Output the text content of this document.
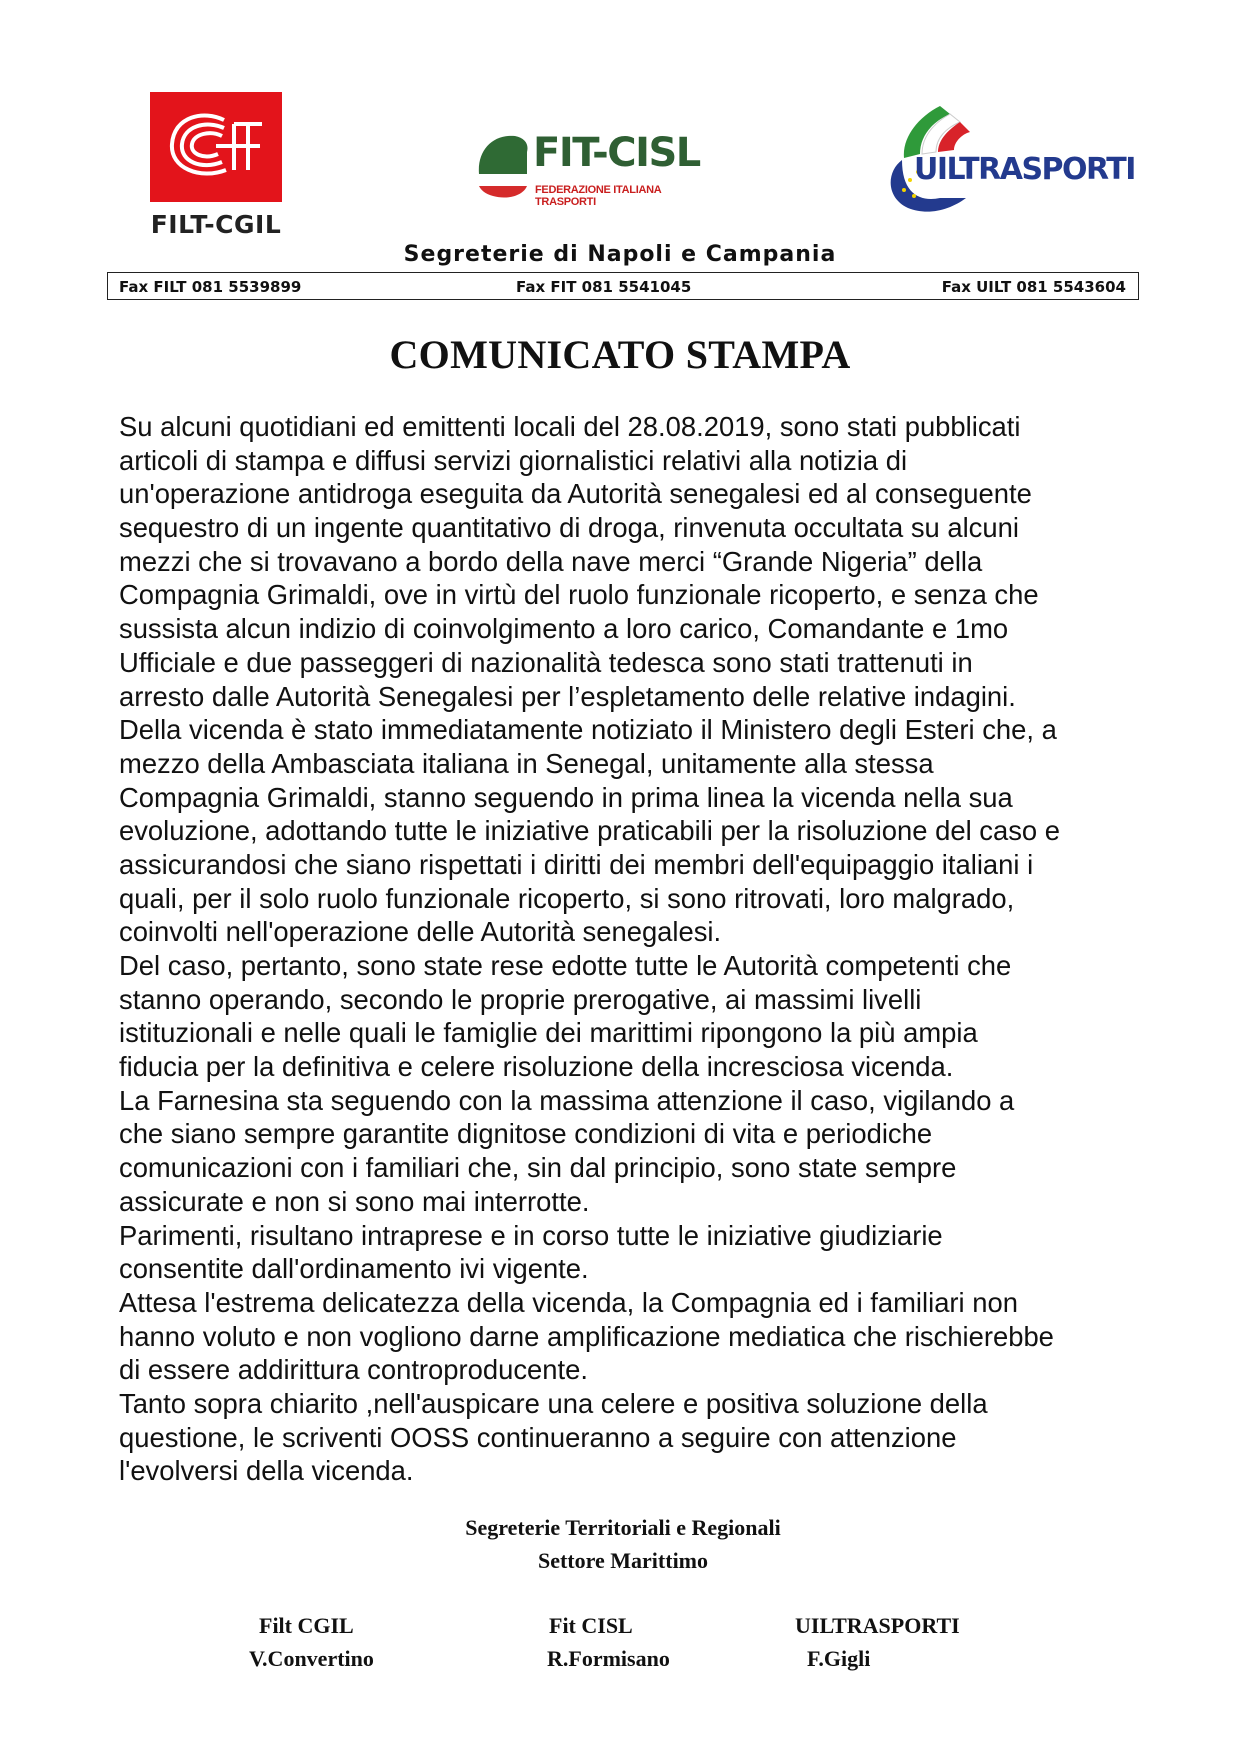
FILT-CGIL
FIT-CISL
FEDERAZIONE ITALIANA TRASPORTI
UILTRASPORTI
Segreterie di Napoli e Campania
Fax FILT 081 5539899	Fax FIT 081 5541045	Fax UILT 081 5543604
COMUNICATO STAMPA
Su alcuni quotidiani ed emittenti locali del 28.08.2019, sono stati pubblicati
articoli di stampa e diffusi servizi giornalistici relativi alla notizia di
un'operazione antidroga eseguita da Autorità senegalesi ed al conseguente
sequestro di un ingente quantitativo di droga, rinvenuta occultata su alcuni
mezzi che si trovavano a bordo della nave merci “Grande Nigeria” della
Compagnia Grimaldi, ove in virtù del ruolo funzionale ricoperto, e senza che
sussista alcun indizio di coinvolgimento a loro carico, Comandante e 1mo
Ufficiale e due passeggeri di nazionalità tedesca sono stati trattenuti in
arresto dalle Autorità Senegalesi per l’espletamento delle relative indagini.
Della vicenda è stato immediatamente notiziato il Ministero degli Esteri che, a
mezzo della Ambasciata italiana in Senegal, unitamente alla stessa
Compagnia Grimaldi, stanno seguendo in prima linea la vicenda nella sua
evoluzione, adottando tutte le iniziative praticabili per la risoluzione del caso e
assicurandosi che siano rispettati i diritti dei membri dell'equipaggio italiani i
quali, per il solo ruolo funzionale ricoperto, si sono ritrovati, loro malgrado,
coinvolti nell'operazione delle Autorità senegalesi.
Del caso, pertanto, sono state rese edotte tutte le Autorità competenti che
stanno operando, secondo le proprie prerogative, ai massimi livelli
istituzionali e nelle quali le famiglie dei marittimi ripongono la più ampia
fiducia per la definitiva e celere risoluzione della incresciosa vicenda.
La Farnesina sta seguendo con la massima attenzione il caso, vigilando a
che siano sempre garantite dignitose condizioni di vita e periodiche
comunicazioni con i familiari che, sin dal principio, sono state sempre
assicurate e non si sono mai interrotte.
Parimenti, risultano intraprese e in corso tutte le iniziative giudiziarie
consentite dall'ordinamento ivi vigente.
Attesa l'estrema delicatezza della vicenda, la Compagnia ed i familiari non
hanno voluto e non vogliono darne amplificazione mediatica che rischierebbe
di essere addirittura controproducente.
Tanto sopra chiarito ,nell'auspicare una celere e positiva soluzione della
questione, le scriventi OOSS continueranno a seguire con attenzione
l'evolversi della vicenda.
Segreterie Territoriali e Regionali
Settore Marittimo
Filt CGIL
V.Convertino
Fit CISL
R.Formisano
UILTRASPORTI
F.Gigli
